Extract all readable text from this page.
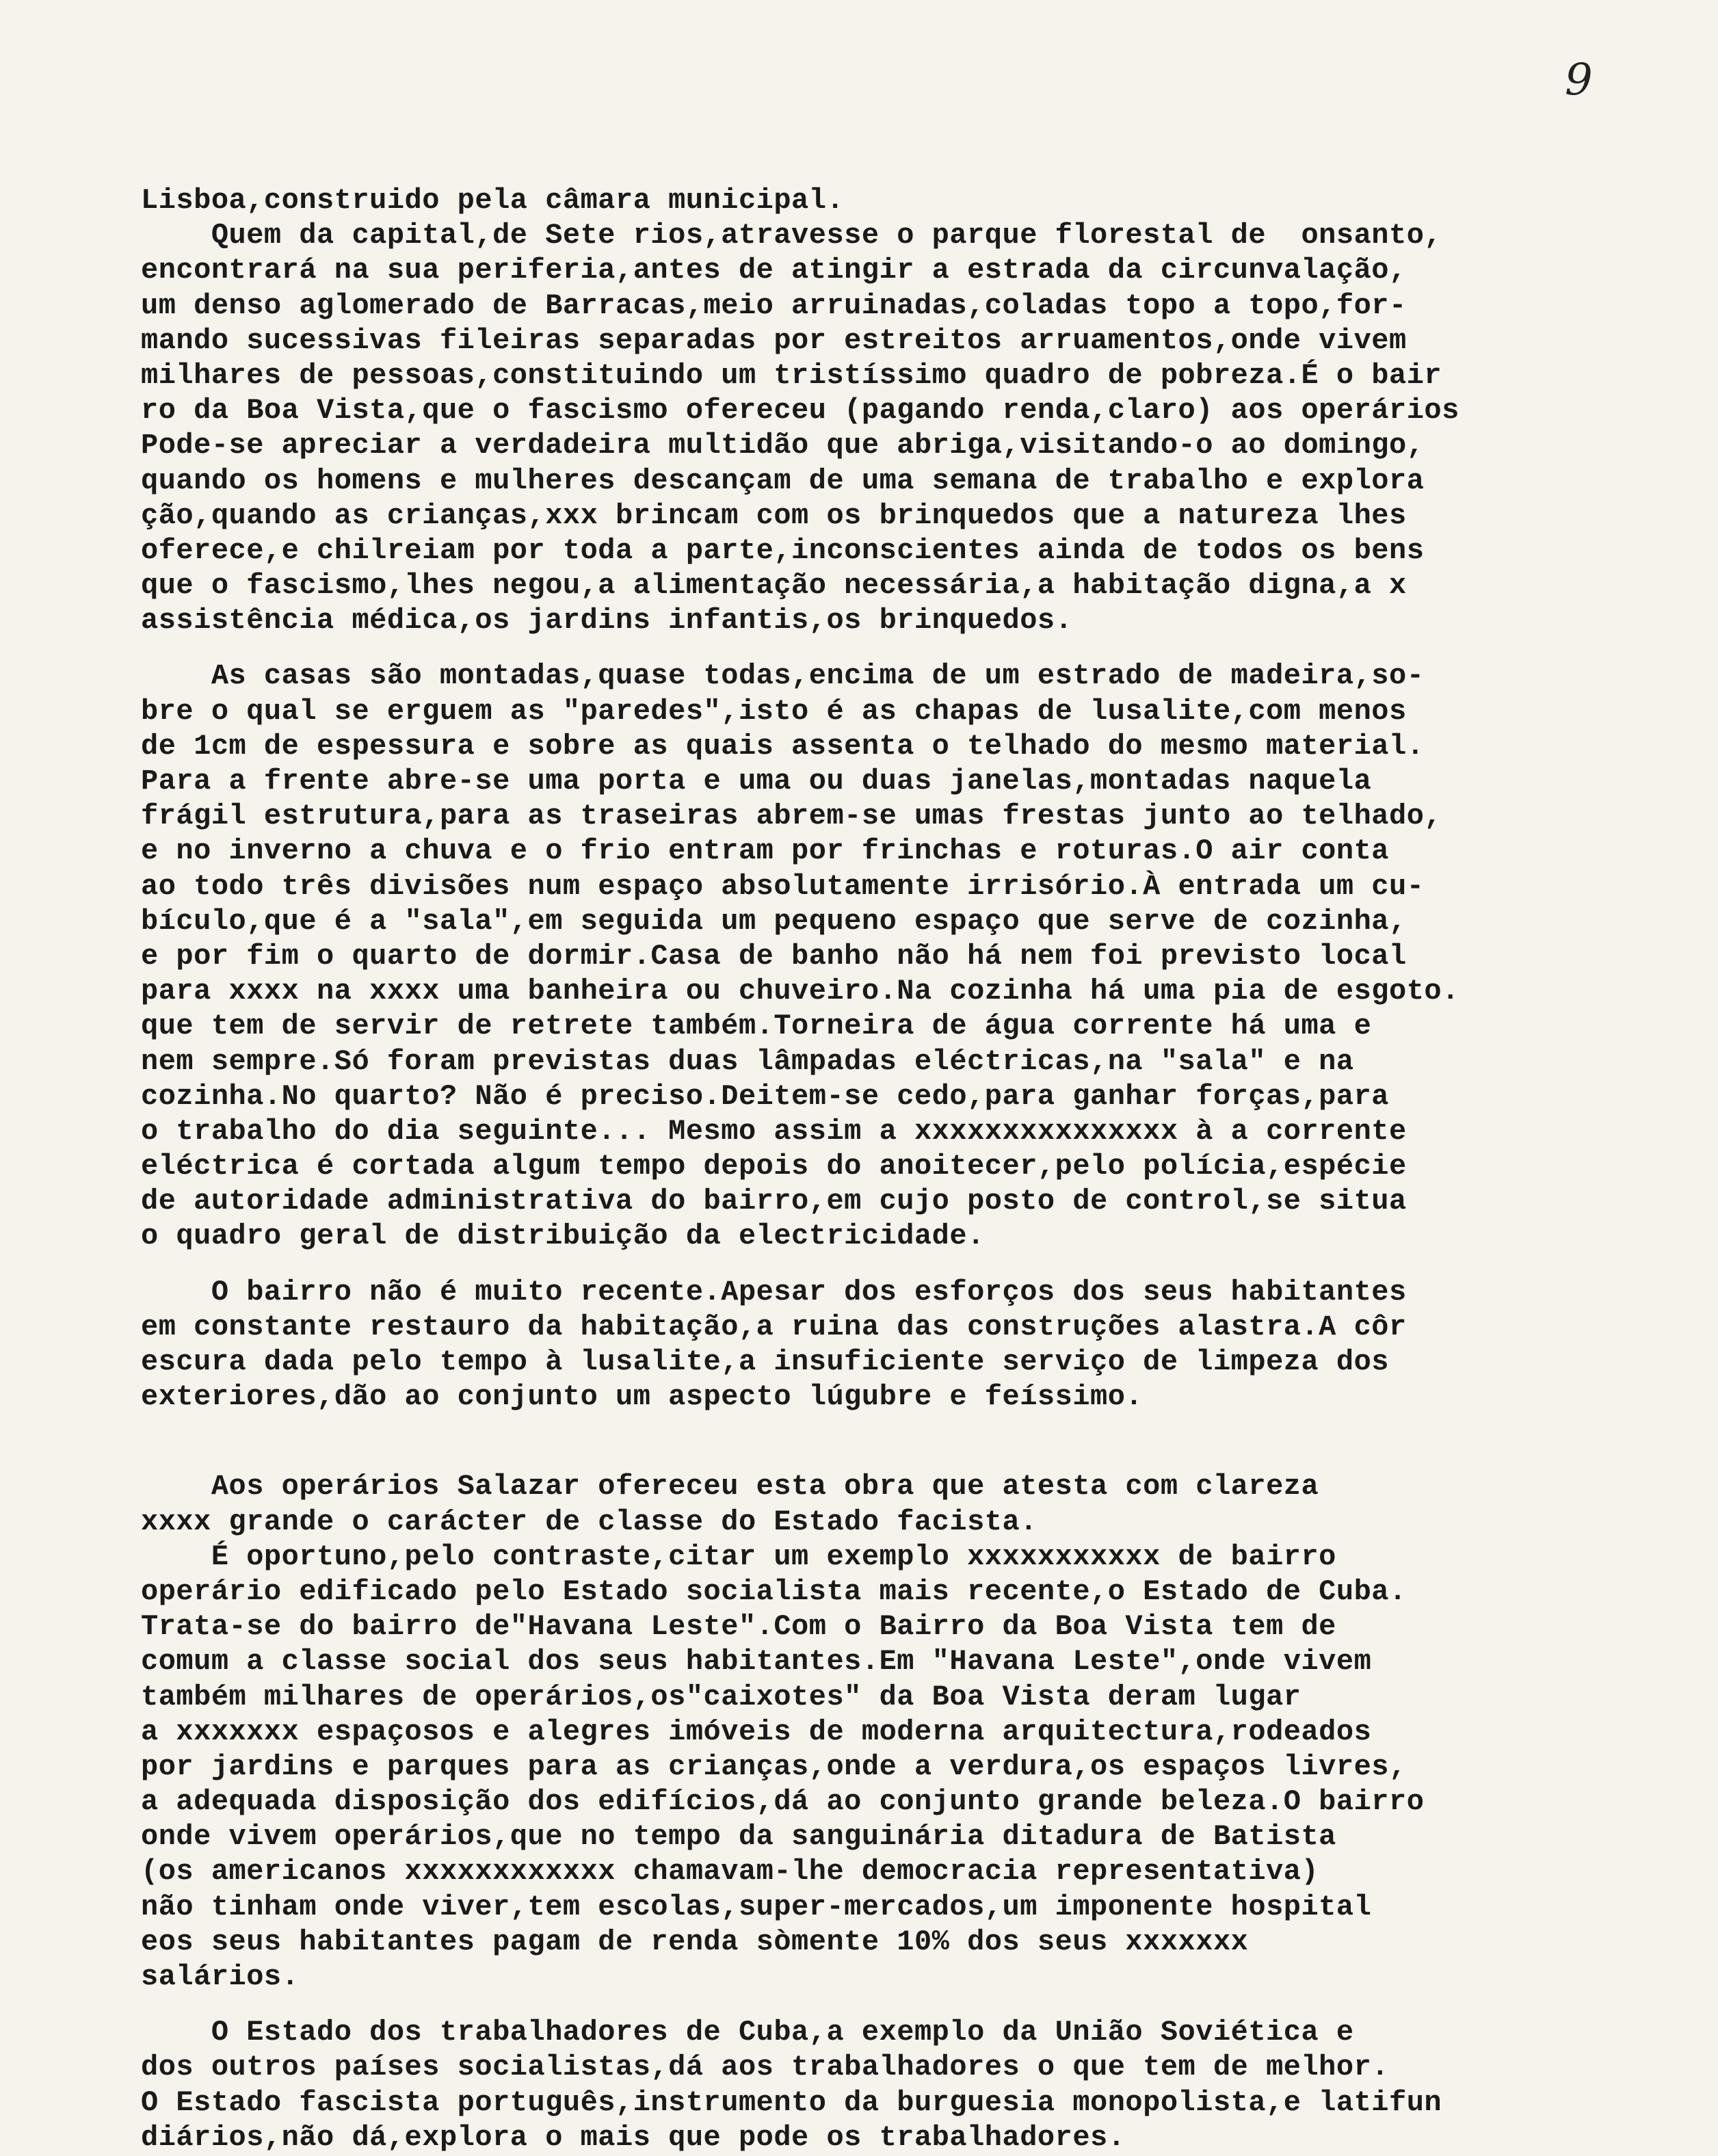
9
Lisboa,construido pela câmara municipal.
Quem da capital,de Sete rios,atravesse o parque florestal de  onsanto,
encontrará na sua periferia,antes de atingir a estrada da circunvalação,
um denso aglomerado de Barracas,meio arruinadas,coladas topo a topo,for-
mando sucessivas fileiras separadas por estreitos arruamentos,onde vivem
milhares de pessoas,constituindo um tristíssimo quadro de pobreza.É o bair
ro da Boa Vista,que o fascismo ofereceu (pagando renda,claro) aos operários
Pode-se apreciar a verdadeira multidão que abriga,visitando-o ao domingo,
quando os homens e mulheres descançam de uma semana de trabalho e explora
ção,quando as crianças,xxx brincam com os brinquedos que a natureza lhes
oferece,e chilreiam por toda a parte,inconscientes ainda de todos os bens
que o fascismo,lhes negou,a alimentação necessária,a habitação digna,a x
assistência médica,os jardins infantis,os brinquedos.
As casas são montadas,quase todas,encima de um estrado de madeira,so-
bre o qual se erguem as "paredes",isto é as chapas de lusalite,com menos
de 1cm de espessura e sobre as quais assenta o telhado do mesmo material.
Para a frente abre-se uma porta e uma ou duas janelas,montadas naquela
frágil estrutura,para as traseiras abrem-se umas frestas junto ao telhado,
e no inverno a chuva e o frio entram por frinchas e roturas.O air conta
ao todo três divisões num espaço absolutamente irrisório.À entrada um cu-
bículo,que é a "sala",em seguida um pequeno espaço que serve de cozinha,
e por fim o quarto de dormir.Casa de banho não há nem foi previsto local
para xxxx na xxxx uma banheira ou chuveiro.Na cozinha há uma pia de esgoto.
que tem de servir de retrete também.Torneira de água corrente há uma e
nem sempre.Só foram previstas duas lâmpadas eléctricas,na "sala" e na
cozinha.No quarto? Não é preciso.Deitem-se cedo,para ganhar forças,para
o trabalho do dia seguinte... Mesmo assim a xxxxxxxxxxxxxxx à a corrente
eléctrica é cortada algum tempo depois do anoitecer,pelo polícia,espécie
de autoridade administrativa do bairro,em cujo posto de control,se situa
o quadro geral de distribuição da electricidade.
O bairro não é muito recente.Apesar dos esforços dos seus habitantes
em constante restauro da habitação,a ruina das construções alastra.A côr
escura dada pelo tempo à lusalite,a insuficiente serviço de limpeza dos
exteriores,dão ao conjunto um aspecto lúgubre e feíssimo.
Aos operários Salazar ofereceu esta obra que atesta com clareza
xxxx grande o carácter de classe do Estado facista.
É oportuno,pelo contraste,citar um exemplo xxxxxxxxxxx de bairro
operário edificado pelo Estado socialista mais recente,o Estado de Cuba.
Trata-se do bairro de"Havana Leste".Com o Bairro da Boa Vista tem de
comum a classe social dos seus habitantes.Em "Havana Leste",onde vivem
também milhares de operários,os"caixotes" da Boa Vista deram lugar
a xxxxxxx espaçosos e alegres imóveis de moderna arquitectura,rodeados
por jardins e parques para as crianças,onde a verdura,os espaços livres,
a adequada disposição dos edifícios,dá ao conjunto grande beleza.O bairro
onde vivem operários,que no tempo da sanguinária ditadura de Batista
(os americanos xxxxxxxxxxxx chamavam-lhe democracia representativa)
não tinham onde viver,tem escolas,super-mercados,um imponente hospital
eos seus habitantes pagam de renda sòmente 10% dos seus xxxxxxx
salários.
O Estado dos trabalhadores de Cuba,a exemplo da União Soviética e
dos outros países socialistas,dá aos trabalhadores o que tem de melhor.
O Estado fascista português,instrumento da burguesia monopolista,e latifun
diários,não dá,explora o mais que pode os trabalhadores.
